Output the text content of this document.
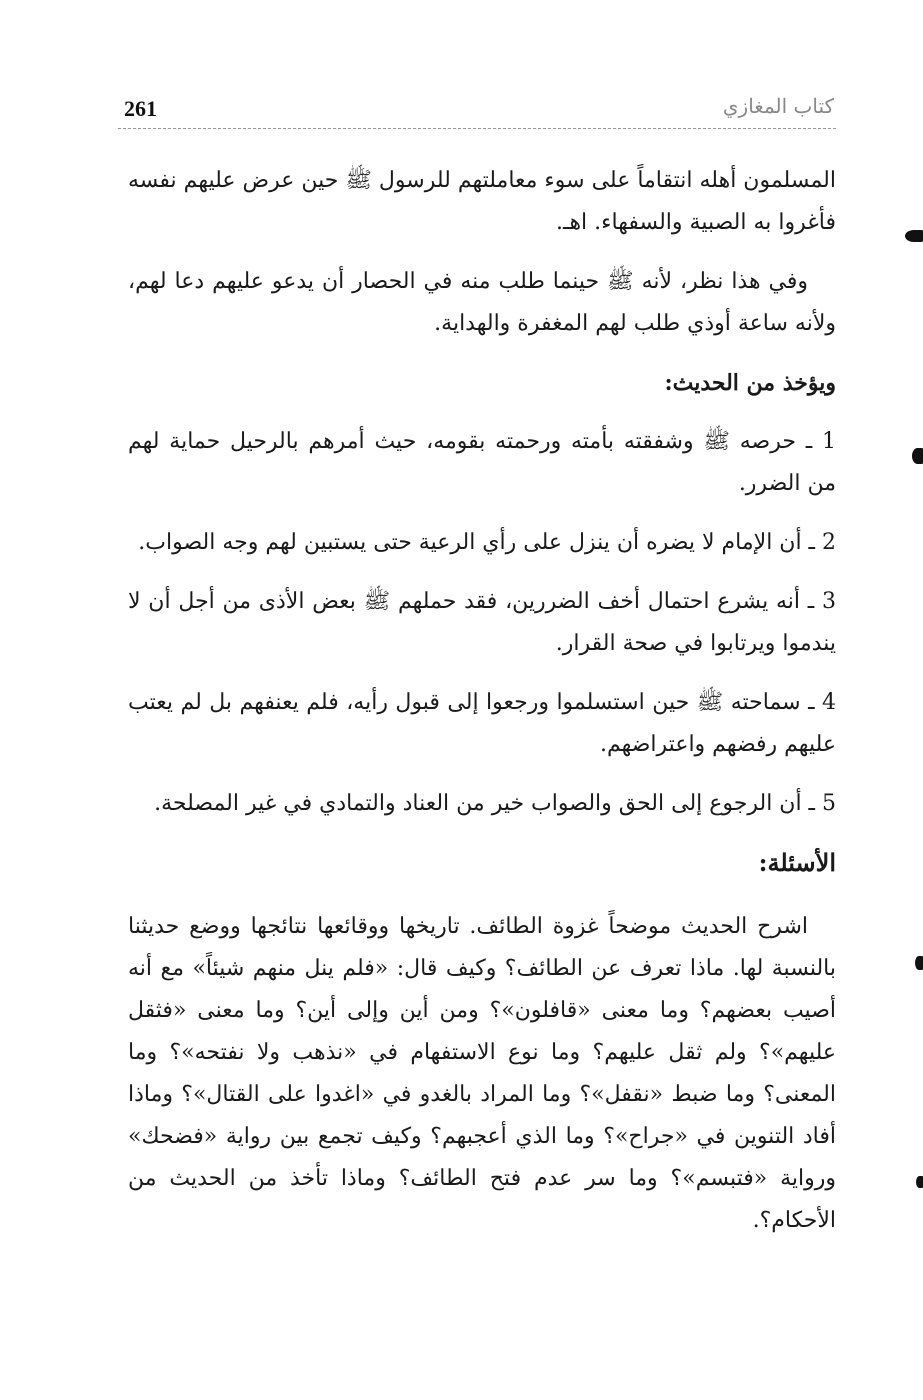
261	كتاب المغازي

المسلمون أهله انتقاماً على سوء معاملتهم للرسول ﷺ حين عرض عليهم نفسه فأغروا به الصبية والسفهاء. اهـ.

وفي هذا نظر، لأنه ﷺ حينما طلب منه في الحصار أن يدعو عليهم دعا لهم، ولأنه ساعة أوذي طلب لهم المغفرة والهداية.

ويؤخذ من الحديث:

1 ـ حرصه ﷺ وشفقته بأمته ورحمته بقومه، حيث أمرهم بالرحيل حماية لهم من الضرر.

2 ـ أن الإمام لا يضره أن ينزل على رأي الرعية حتى يستبين لهم وجه الصواب.

3 ـ أنه يشرع احتمال أخف الضررين، فقد حملهم ﷺ بعض الأذى من أجل أن لا يندموا ويرتابوا في صحة القرار.

4 ـ سماحته ﷺ حين استسلموا ورجعوا إلى قبول رأيه، فلم يعنفهم بل لم يعتب عليهم رفضهم واعتراضهم.

5 ـ أن الرجوع إلى الحق والصواب خير من العناد والتمادي في غير المصلحة.

الأسئلة:

اشرح الحديث موضحاً غزوة الطائف. تاريخها ووقائعها نتائجها ووضع حديثنا بالنسبة لها. ماذا تعرف عن الطائف؟ وكيف قال: «فلم ينل منهم شيئاً» مع أنه أصيب بعضهم؟ وما معنى «قافلون»؟ ومن أين وإلى أين؟ وما معنى «فثقل عليهم»؟ ولم ثقل عليهم؟ وما نوع الاستفهام في «نذهب ولا نفتحه»؟ وما المعنى؟ وما ضبط «نقفل»؟ وما المراد بالغدو في «اغدوا على القتال»؟ وماذا أفاد التنوين في «جراح»؟ وما الذي أعجبهم؟ وكيف تجمع بين رواية «فضحك» ورواية «فتبسم»؟ وما سر عدم فتح الطائف؟ وماذا تأخذ من الحديث من الأحكام؟.
